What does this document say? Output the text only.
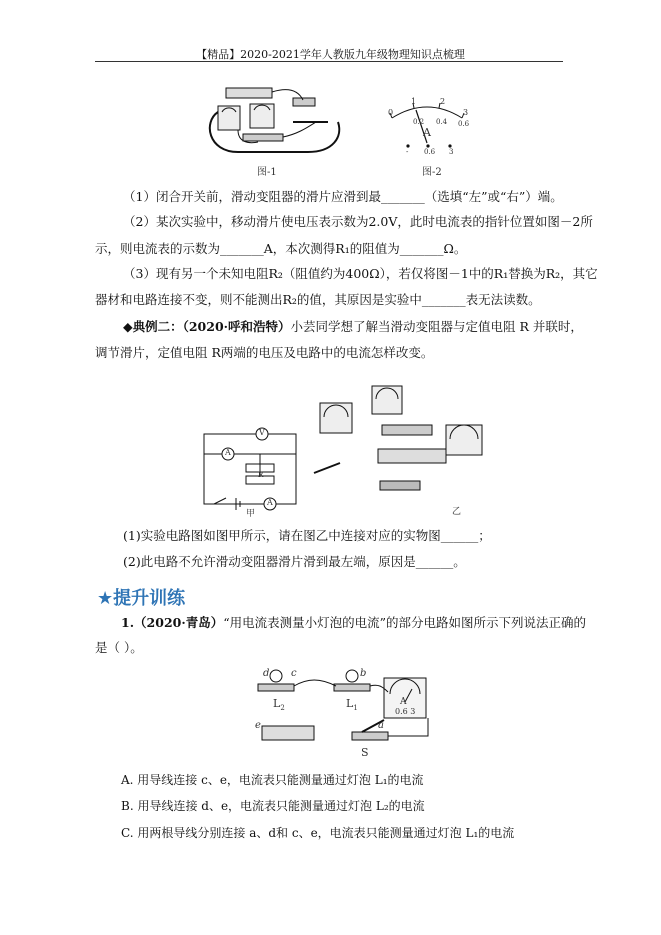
【精品】2020-2021学年人教版九年级物理知识点梳理
图-1
0
1	2
3
0.2 0.4 0.6
A
- 0.6 3
图-2
（1）闭合开关前，滑动变阻器的滑片应滑到最_______（选填“左”或“右”）端。
（2）某次实验中，移动滑片使电压表示数为2.0V，此时电流表的指针位置如图－2所
示，则电流表的示数为_______A，本次测得R₁的阻值为_______Ω。
（3）现有另一个未知电阻R₂（阻值约为400Ω），若仅将图－1中的R₁替换为R₂，其它
器材和电路连接不变，则不能测出R₂的值，其原因是实验中_______表无法读数。
◆典例二：（2020·呼和浩特）小芸同学想了解当滑动变阻器与定值电阻 R 并联时，
调节滑片，定值电阻 R两端的电压及电路中的电流怎样改变。
A
V
R
A
甲	乙
(1)实验电路图如图甲所示，请在图乙中连接对应的实物图______；
(2)此电路不允许滑动变阻器滑片滑到最左端，原因是______。
★提升训练
1.（2020·青岛）“用电流表测量小灯泡的电流”的部分电路如图所示下列说法正确的
是（ ）。
d c	b
$L_2$	$L_1$
A
0.6 3
e	a
S
A. 用导线连接 c、e，电流表只能测量通过灯泡 L₁的电流
B. 用导线连接 d、e，电流表只能测量通过灯泡 L₂的电流
C. 用两根导线分别连接 a、d和 c、e，电流表只能测量通过灯泡 L₁的电流
